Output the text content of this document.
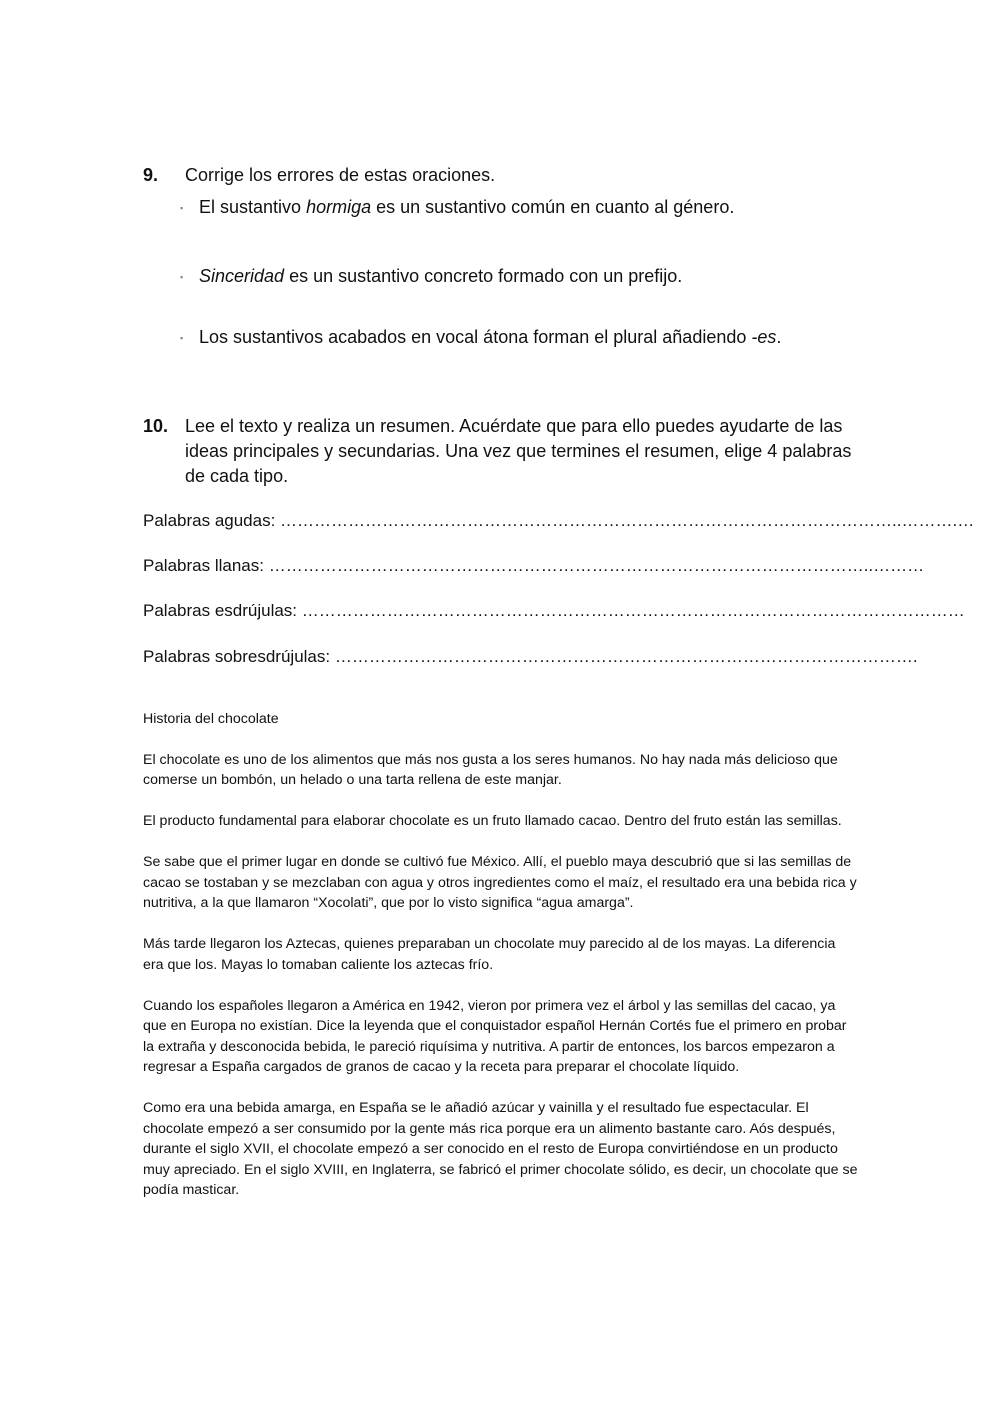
9.	Corrige los errores de estas oraciones.
▪ El sustantivo hormiga es un sustantivo común en cuanto al género.
▪ Sinceridad es un sustantivo concreto formado con un prefijo.
▪ Los sustantivos acabados en vocal átona forman el plural añadiendo -es.
10. Lee el texto y realiza un resumen. Acuérdate que para ello puedes ayudarte de las ideas principales y secundarias. Una vez que termines el resumen, elige 4 palabras de cada tipo.
Palabras agudas: ………………………………………………………………………………………………..……….…
Palabras llanas: ……………………………………………………………………………………………..………
Palabras esdrújulas: ………………………………………………………………………………………………………
Palabras sobresdrújulas: ………………………………………………………………………………………….
Historia del chocolate

El chocolate es uno de los alimentos que más nos gusta a los seres humanos. No hay nada más delicioso que comerse un bombón, un helado o una tarta rellena de este manjar.

El producto fundamental para elaborar chocolate es un fruto llamado cacao. Dentro del fruto están las semillas.

Se sabe que el primer lugar en donde se cultivó fue México. Allí, el pueblo maya descubrió que si las semillas de cacao se tostaban y se mezclaban con agua y otros ingredientes como el maíz, el resultado era una bebida rica y nutritiva, a la que llamaron “Xocolati”, que por lo visto significa “agua amarga”.

Más tarde llegaron los Aztecas, quienes preparaban un chocolate muy parecido al de los mayas. La diferencia era que los. Mayas lo tomaban caliente los aztecas frío.

Cuando los españoles llegaron a América en 1942, vieron por primera vez el árbol y las semillas del cacao, ya que en Europa no existían. Dice la leyenda que el conquistador español Hernán Cortés fue el primero en probar la extraña y desconocida bebida, le pareció riquísima y nutritiva. A partir de entonces, los barcos empezaron a regresar a España cargados de granos de cacao y la receta para preparar el chocolate líquido.

Como era una bebida amarga, en España se le añadió azúcar y vainilla y el resultado fue espectacular. El chocolate empezó a ser consumido por la gente más rica porque era un alimento bastante caro. Aós después, durante el siglo XVII, el chocolate empezó a ser conocido en el resto de Europa convirtiéndose en un producto muy apreciado. En el siglo XVIII, en Inglaterra, se fabricó el primer chocolate sólido, es decir, un chocolate que se podía masticar.
